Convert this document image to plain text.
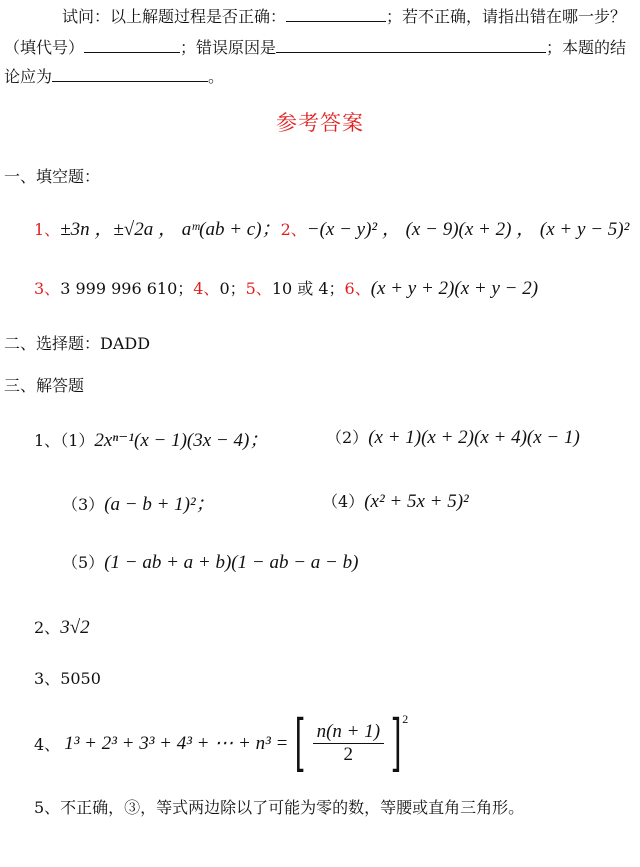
试问：以上解题过程是否正确：	；若不正确，请指出错在哪一步？
（填代号）	；错误原因是	；本题的结
论应为	。
参考答案
一、填空题：
1、±3n ，±√2a ， aᵐ(ab + c)；2、−(x − y)² ， (x − 9)(x + 2) ， (x + y − 5)²
3、3 999 996 610；4、0；5、10 或 4；6、(x + y + 2)(x + y − 2)
二、选择题：DADD
三、解答题
1、（1）2xⁿ⁻¹(x − 1)(3x − 4)；	（2）(x + 1)(x + 2)(x + 4)(x − 1)
（3）(a − b + 1)²；	（4）(x² + 5x + 5)²
（5）(1 − ab + a + b)(1 − ab − a − b)
2、3√2
3、5050
4、 1³ + 2³ + 3³ + 4³ + ⋯ + n³ = [ $\frac{n(n + 1)}{2}$ ] 2
5、不正确，③，等式两边除以了可能为零的数，等腰或直角三角形。
